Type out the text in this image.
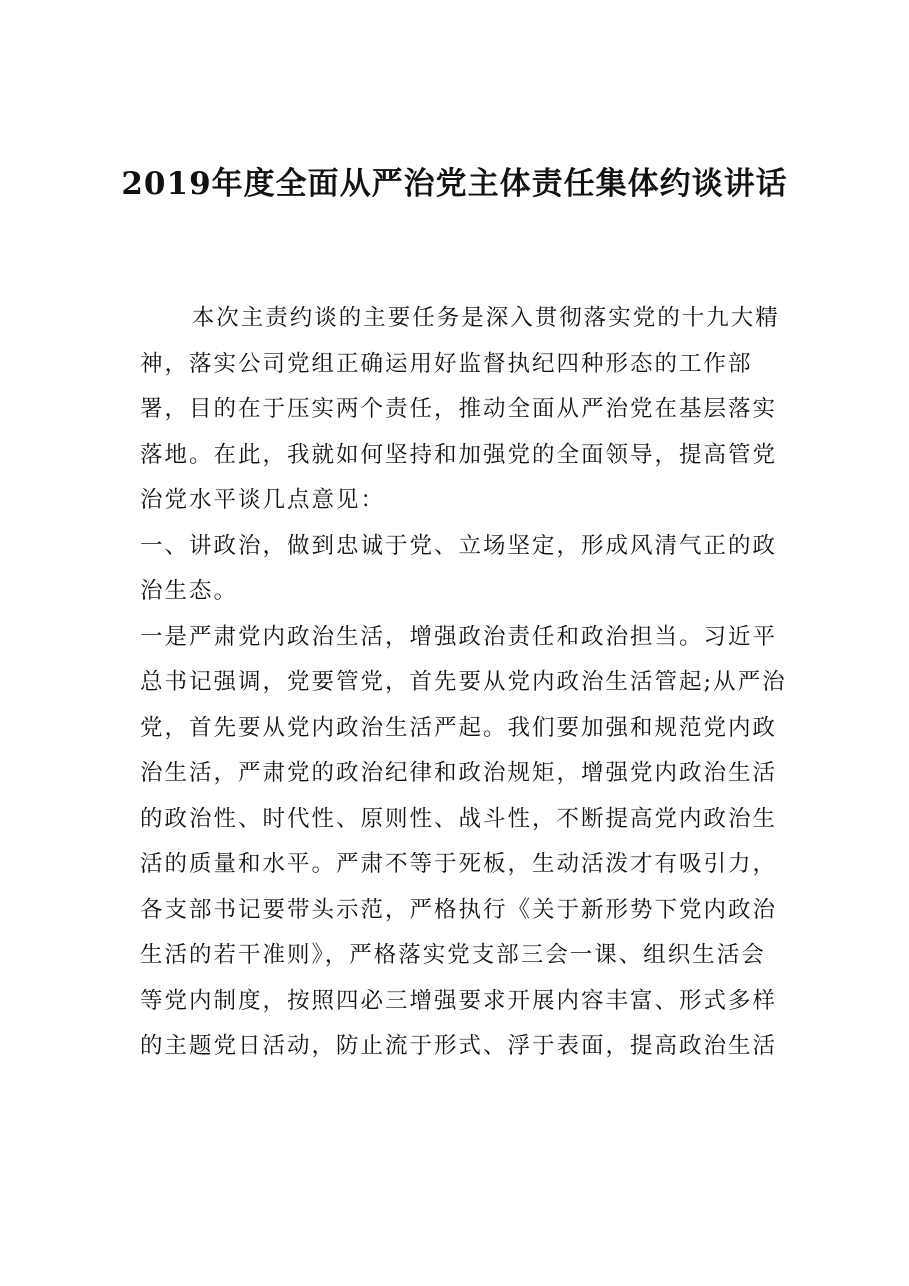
2019年度全面从严治党主体责任集体约谈讲话

本次主责约谈的主要任务是深入贯彻落实党的十九大精神，落实公司党组正确运用好监督执纪四种形态的工作部署，目的在于压实两个责任，推动全面从严治党在基层落实落地。在此，我就如何坚持和加强党的全面领导，提高管党治党水平谈几点意见：

一、讲政治，做到忠诚于党、立场坚定，形成风清气正的政治生态。

一是严肃党内政治生活，增强政治责任和政治担当。习近平总书记强调，党要管党，首先要从党内政治生活管起;从严治党，首先要从党内政治生活严起。我们要加强和规范党内政治生活，严肃党的政治纪律和政治规矩，增强党内政治生活的政治性、时代性、原则性、战斗性，不断提高党内政治生活的质量和水平。严肃不等于死板，生动活泼才有吸引力，各支部书记要带头示范，严格执行《关于新形势下党内政治生活的若干准则》，严格落实党支部三会一课、组织生活会等党内制度，按照四必三增强要求开展内容丰富、形式多样的主题党日活动，防止流于形式、浮于表面，提高政治生活
